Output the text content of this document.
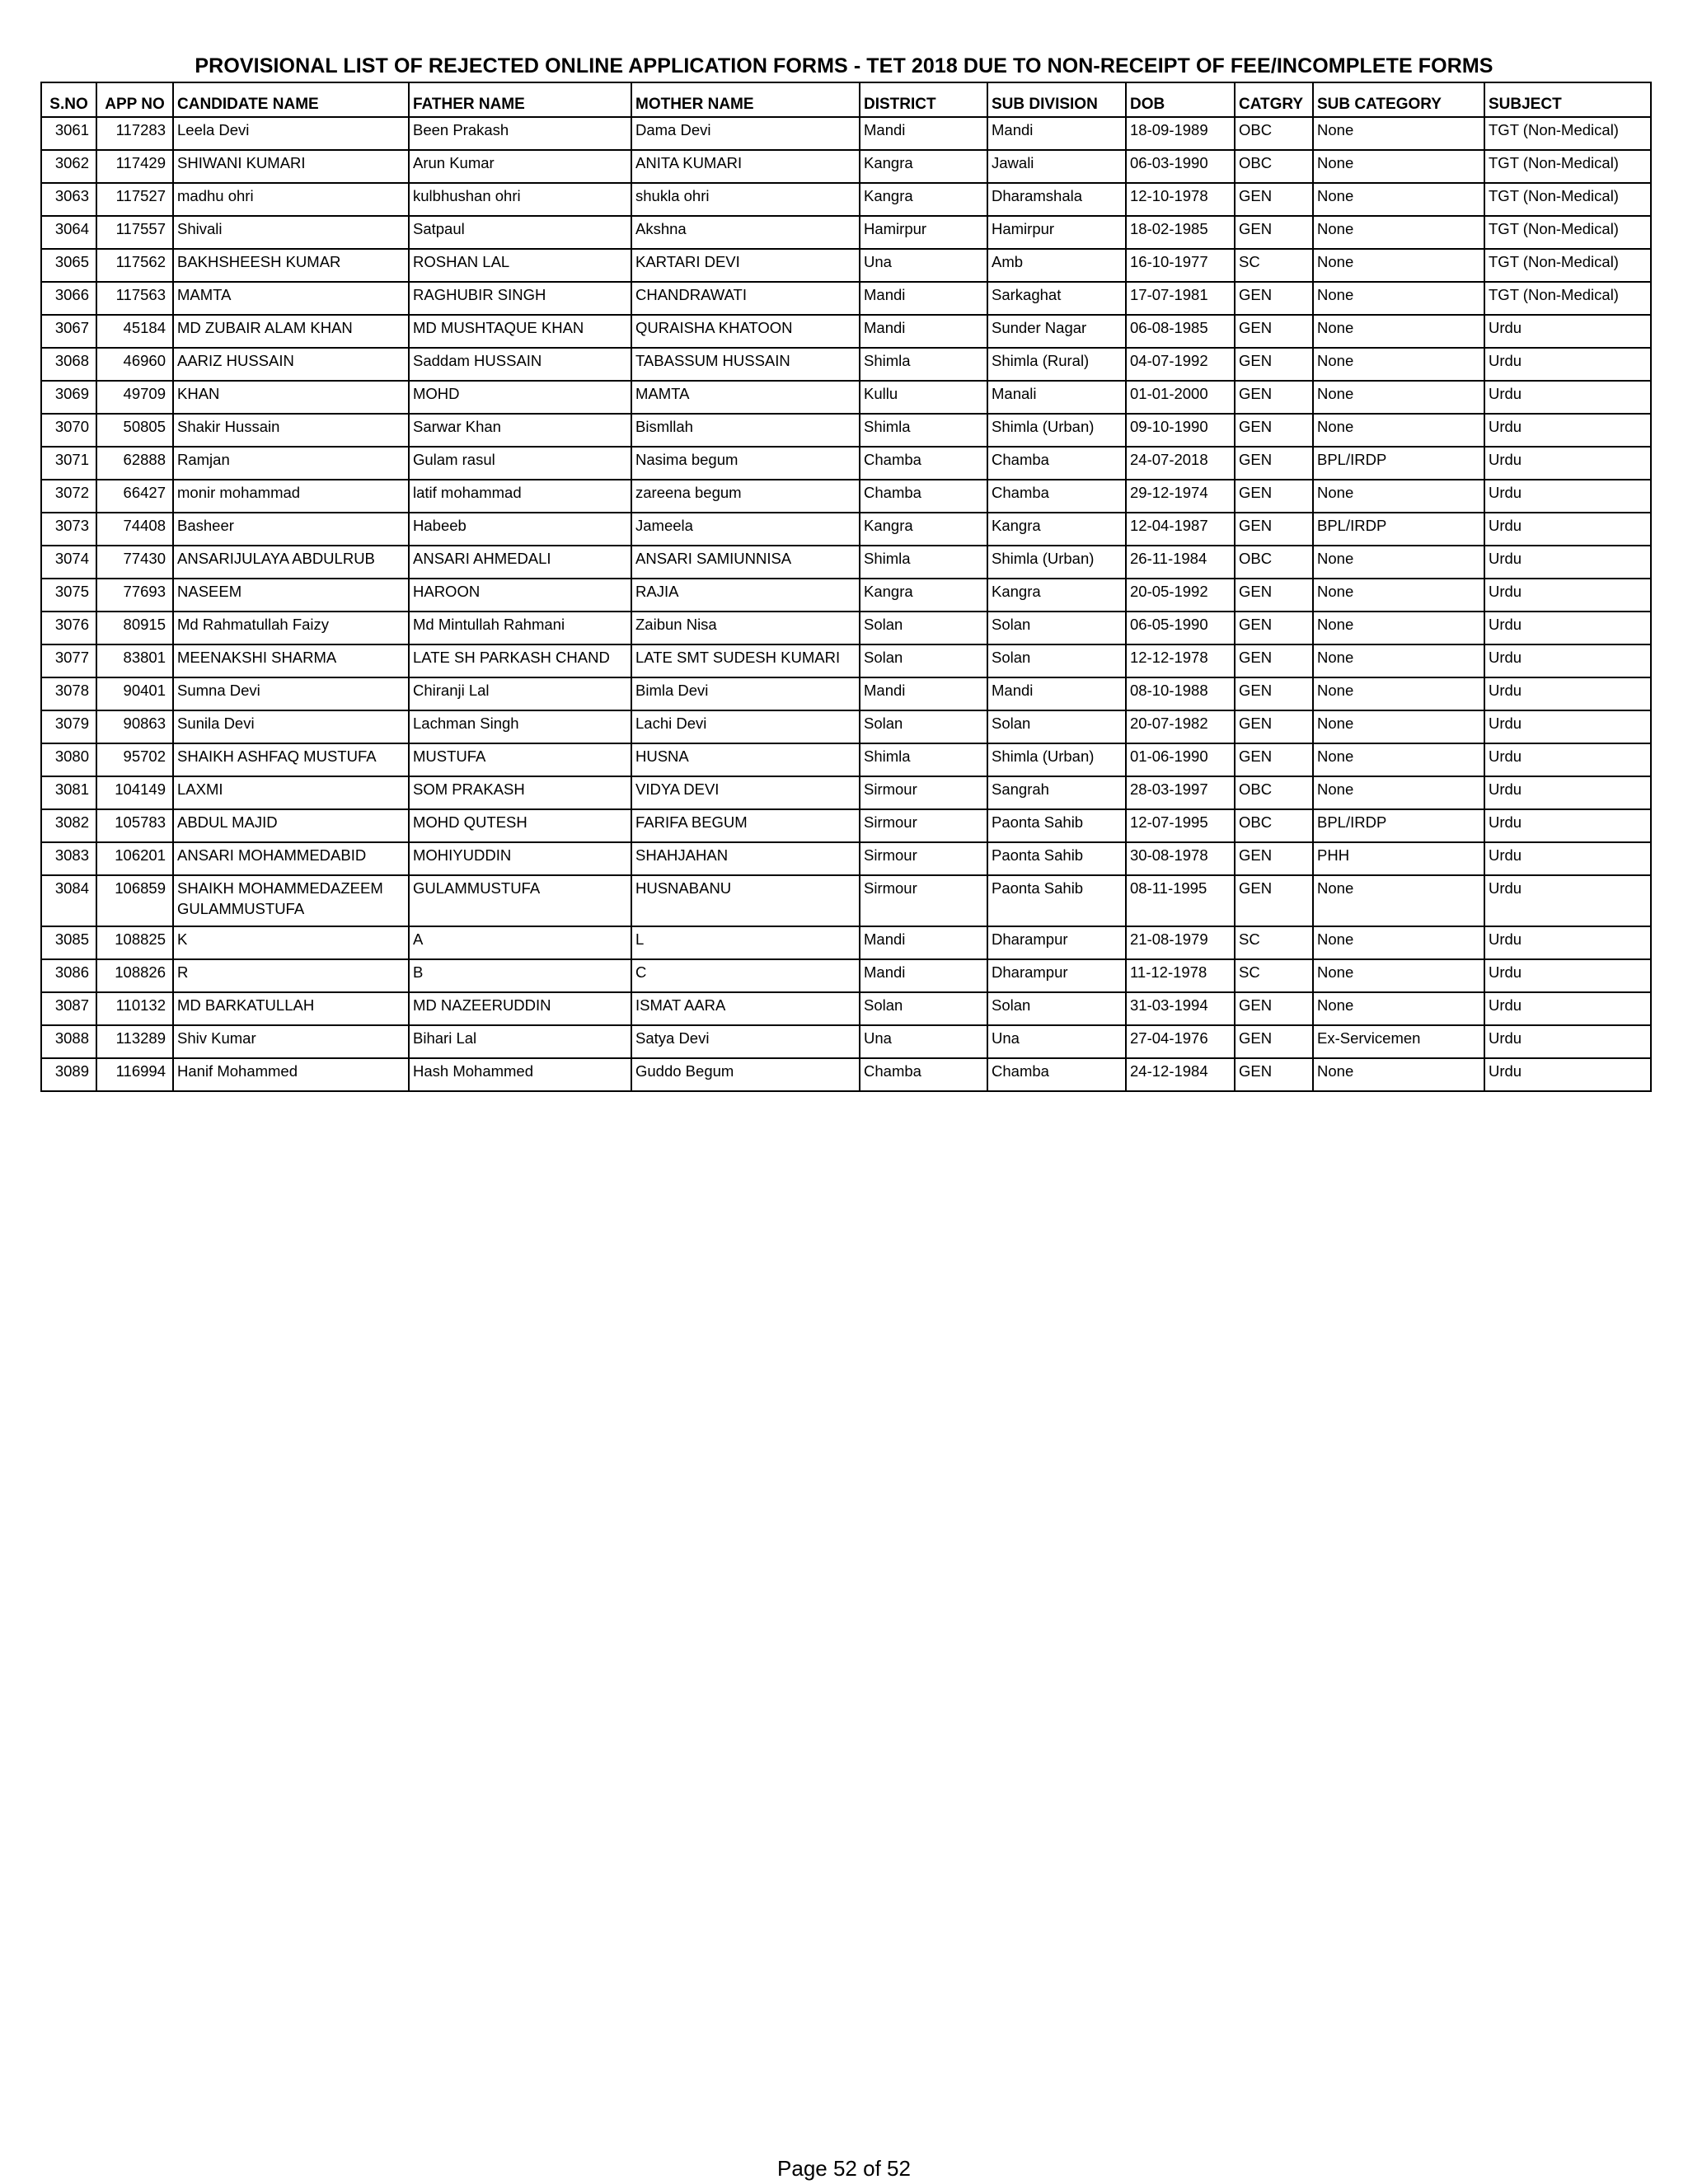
PROVISIONAL LIST OF REJECTED ONLINE APPLICATION FORMS - TET 2018 DUE TO NON-RECEIPT OF FEE/INCOMPLETE FORMS
S.NO	APP NO	CANDIDATE NAME	FATHER NAME	MOTHER NAME	DISTRICT	SUB DIVISION	DOB	CATGRY	SUB CATEGORY	SUBJECT
3061	117283	Leela Devi	Been Prakash	Dama Devi	Mandi	Mandi	18-09-1989	OBC	None	TGT (Non-Medical)
3062	117429	SHIWANI KUMARI	Arun Kumar	ANITA KUMARI	Kangra	Jawali	06-03-1990	OBC	None	TGT (Non-Medical)
3063	117527	madhu ohri	kulbhushan ohri	shukla ohri	Kangra	Dharamshala	12-10-1978	GEN	None	TGT (Non-Medical)
3064	117557	Shivali	Satpaul	Akshna	Hamirpur	Hamirpur	18-02-1985	GEN	None	TGT (Non-Medical)
3065	117562	BAKHSHEESH KUMAR	ROSHAN LAL	KARTARI DEVI	Una	Amb	16-10-1977	SC	None	TGT (Non-Medical)
3066	117563	MAMTA	RAGHUBIR SINGH	CHANDRAWATI	Mandi	Sarkaghat	17-07-1981	GEN	None	TGT (Non-Medical)
3067	45184	MD ZUBAIR ALAM KHAN	MD MUSHTAQUE KHAN	QURAISHA KHATOON	Mandi	Sunder Nagar	06-08-1985	GEN	None	Urdu
3068	46960	AARIZ HUSSAIN	Saddam HUSSAIN	TABASSUM HUSSAIN	Shimla	Shimla (Rural)	04-07-1992	GEN	None	Urdu
3069	49709	KHAN	MOHD	MAMTA	Kullu	Manali	01-01-2000	GEN	None	Urdu
3070	50805	Shakir Hussain	Sarwar Khan	Bismllah	Shimla	Shimla (Urban)	09-10-1990	GEN	None	Urdu
3071	62888	Ramjan	Gulam rasul	Nasima begum	Chamba	Chamba	24-07-2018	GEN	BPL/IRDP	Urdu
3072	66427	monir mohammad	latif mohammad	zareena begum	Chamba	Chamba	29-12-1974	GEN	None	Urdu
3073	74408	Basheer	Habeeb	Jameela	Kangra	Kangra	12-04-1987	GEN	BPL/IRDP	Urdu
3074	77430	ANSARIJULAYA ABDULRUB	ANSARI AHMEDALI	ANSARI SAMIUNNISA	Shimla	Shimla (Urban)	26-11-1984	OBC	None	Urdu
3075	77693	NASEEM	HAROON	RAJIA	Kangra	Kangra	20-05-1992	GEN	None	Urdu
3076	80915	Md Rahmatullah Faizy	Md Mintullah Rahmani	Zaibun Nisa	Solan	Solan	06-05-1990	GEN	None	Urdu
3077	83801	MEENAKSHI SHARMA	LATE SH PARKASH CHAND	LATE SMT SUDESH KUMARI	Solan	Solan	12-12-1978	GEN	None	Urdu
3078	90401	Sumna Devi	Chiranji Lal	Bimla Devi	Mandi	Mandi	08-10-1988	GEN	None	Urdu
3079	90863	Sunila Devi	Lachman Singh	Lachi Devi	Solan	Solan	20-07-1982	GEN	None	Urdu
3080	95702	SHAIKH ASHFAQ MUSTUFA	MUSTUFA	HUSNA	Shimla	Shimla (Urban)	01-06-1990	GEN	None	Urdu
3081	104149	LAXMI	SOM PRAKASH	VIDYA DEVI	Sirmour	Sangrah	28-03-1997	OBC	None	Urdu
3082	105783	ABDUL MAJID	MOHD QUTESH	FARIFA BEGUM	Sirmour	Paonta Sahib	12-07-1995	OBC	BPL/IRDP	Urdu
3083	106201	ANSARI MOHAMMEDABID	MOHIYUDDIN	SHAHJAHAN	Sirmour	Paonta Sahib	30-08-1978	GEN	PHH	Urdu
3084	106859	SHAIKH MOHAMMEDAZEEM GULAMMUSTUFA	GULAMMUSTUFA	HUSNABANU	Sirmour	Paonta Sahib	08-11-1995	GEN	None	Urdu
3085	108825	K	A	L	Mandi	Dharampur	21-08-1979	SC	None	Urdu
3086	108826	R	B	C	Mandi	Dharampur	11-12-1978	SC	None	Urdu
3087	110132	MD BARKATULLAH	MD NAZEERUDDIN	ISMAT AARA	Solan	Solan	31-03-1994	GEN	None	Urdu
3088	113289	Shiv Kumar	Bihari Lal	Satya Devi	Una	Una	27-04-1976	GEN	Ex-Servicemen	Urdu
3089	116994	Hanif Mohammed	Hash Mohammed	Guddo Begum	Chamba	Chamba	24-12-1984	GEN	None	Urdu
Page 52 of 52
